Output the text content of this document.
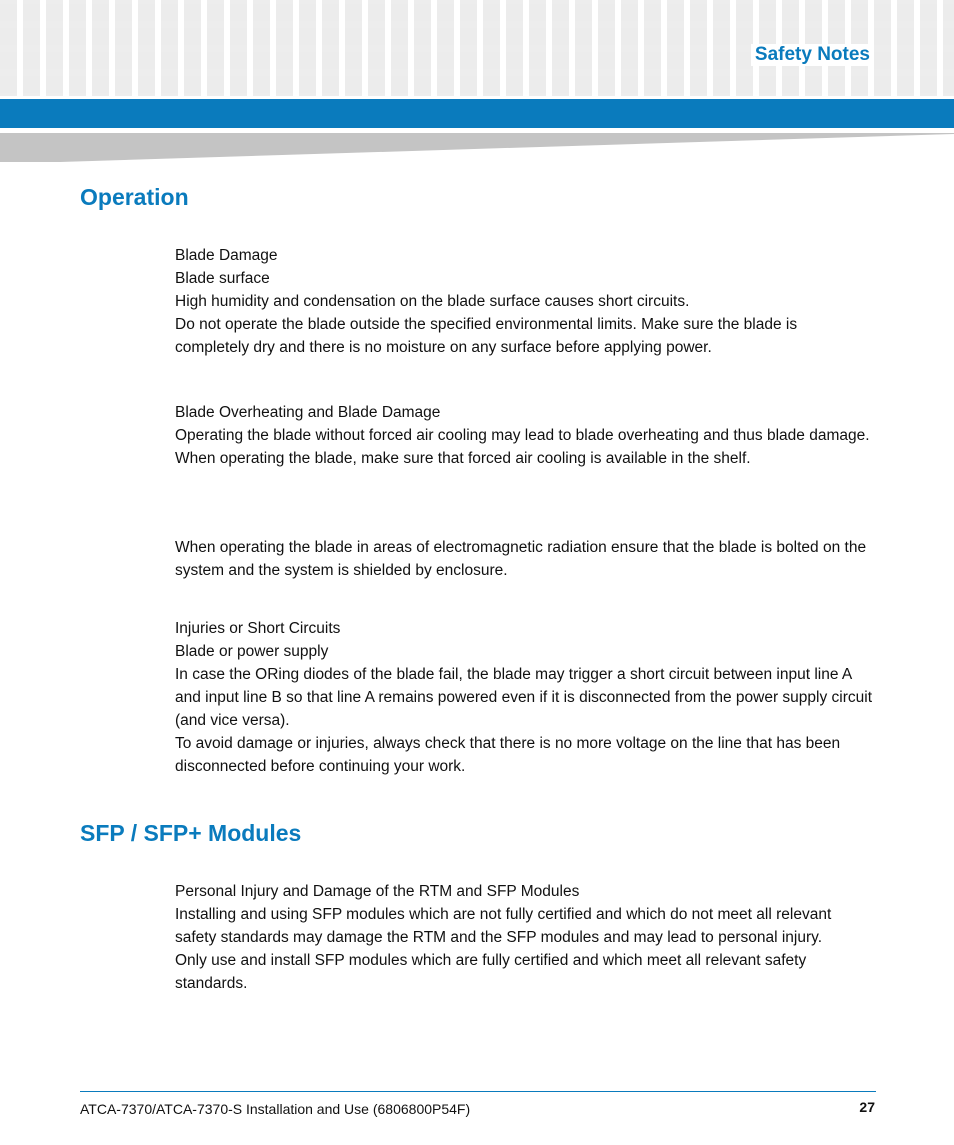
Safety Notes
Operation

Blade Damage

Blade surface

High humidity and condensation on the blade surface causes short circuits.

Do not operate the blade outside the specified environmental limits. Make sure the blade is completely dry and there is no moisture on any surface before applying power.

Blade Overheating and Blade Damage

Operating the blade without forced air cooling may lead to blade overheating and thus blade damage.

When operating the blade, make sure that forced air cooling is available in the shelf.

When operating the blade in areas of electromagnetic radiation ensure that the blade is bolted on the system and the system is shielded by enclosure.

Injuries or Short Circuits

Blade or power supply

In case the ORing diodes of the blade fail, the blade may trigger a short circuit between input line A and input line B so that line A remains powered even if it is disconnected from the power supply circuit (and vice versa).

To avoid damage or injuries, always check that there is no more voltage on the line that has been disconnected before continuing your work.

SFP / SFP+ Modules

Personal Injury and Damage of the RTM and SFP Modules

Installing and using SFP modules which are not fully certified and which do not meet all relevant safety standards may damage the RTM and the SFP modules and may lead to personal injury.

Only use and install SFP modules which are fully certified and which meet all relevant safety standards.

ATCA-7370/ATCA-7370-S Installation and Use (6806800P54F)	27
